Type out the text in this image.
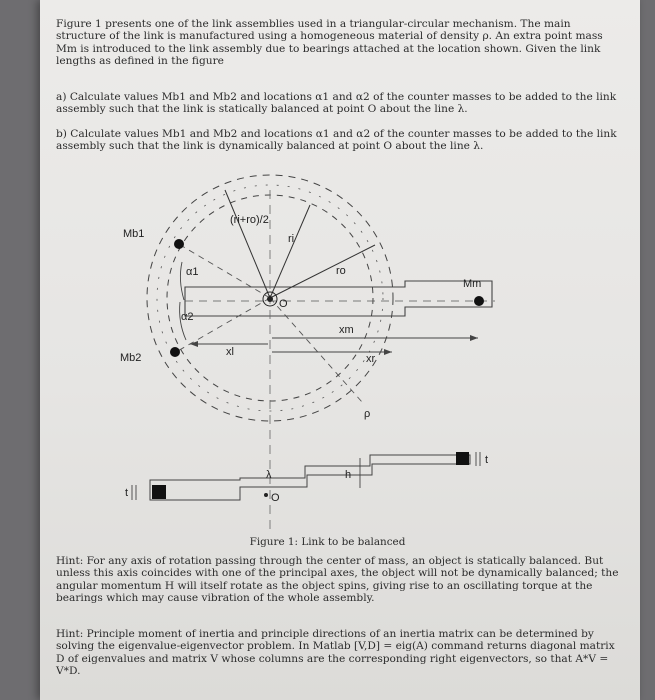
Figure 1 presents one of the link assemblies used in a triangular-circular mechanism. The main structure of the link is manufactured using a homogeneous material of density ρ. An extra point mass Mm is introduced to the link assembly due to bearings attached at the location shown. Given the link lengths as defined in the figure
a) Calculate values Mb1 and Mb2 and locations α1 and α2 of the counter masses to be added to the link assembly such that the link is statically balanced at point O about the line λ.
b) Calculate values Mb1 and Mb2 and locations α1 and α2 of the counter masses to be added to the link assembly such that the link is dynamically balanced at point O about the line λ.
Mb1
Mb2
Mm
(ri+ro)/2
ri
ro
xm
xl
xr
α1
α2
O
ρ
λ
O
h
t
t
Figure 1: Link to be balanced
Hint: For any axis of rotation passing through the center of mass, an object is statically balanced. But unless this axis coincides with one of the principal axes, the object will not be dynamically balanced; the angular momentum H will itself rotate as the object spins, giving rise to an oscillating torque at the bearings which may cause vibration of the whole assembly.
Hint: Principle moment of inertia and principle directions of an inertia matrix can be determined by solving the eigenvalue-eigenvector problem. In Matlab [V,D] = eig(A) command returns diagonal matrix D of eigenvalues and matrix V whose columns are the corresponding right eigenvectors, so that A*V = V*D.
